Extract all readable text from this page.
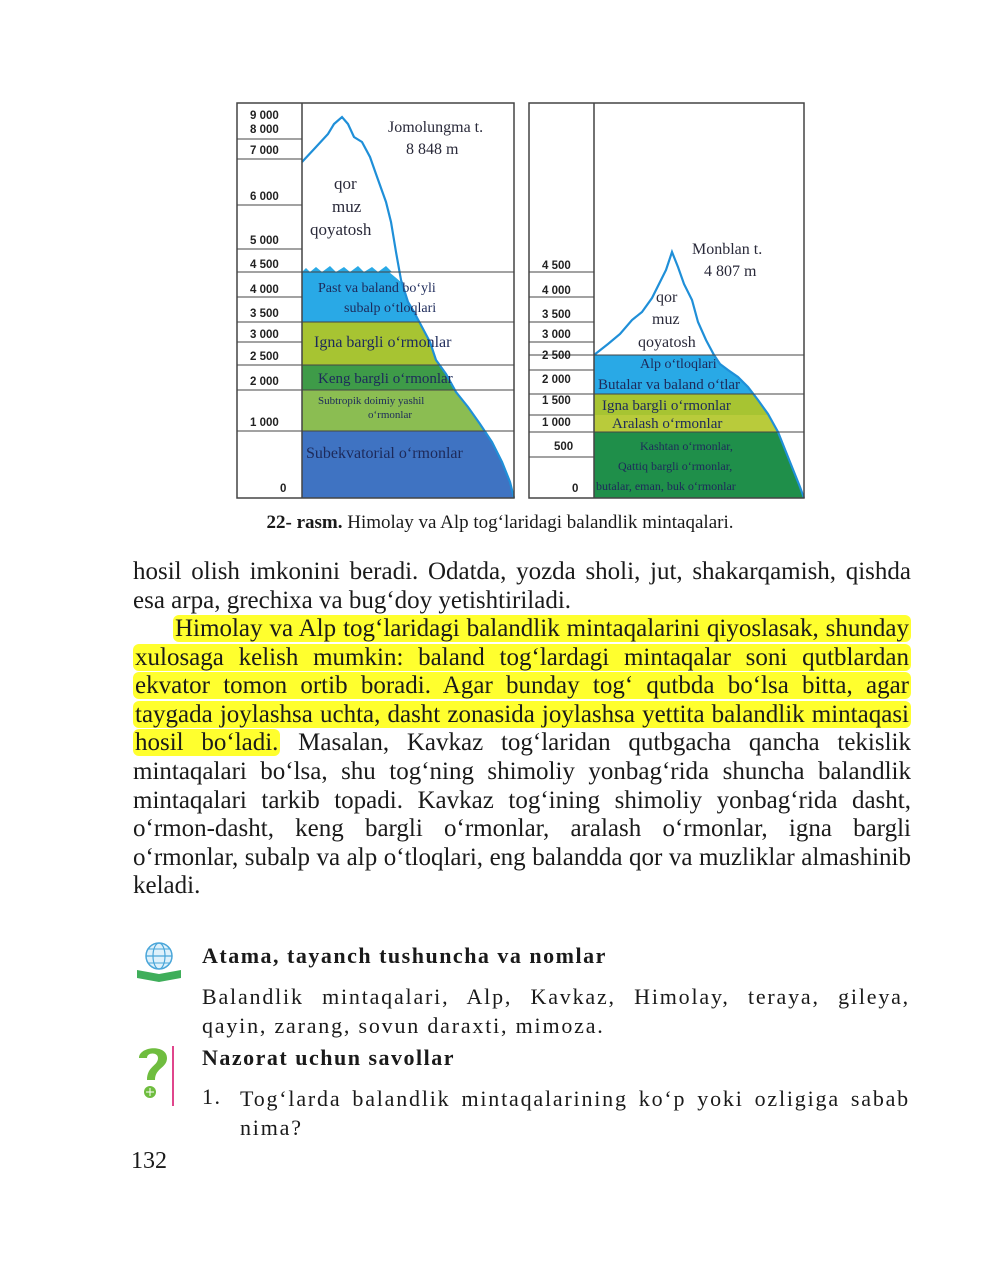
9 000
8 000
7 000
6 000
5 000
4 500
4 000
3 500
3 000
2 500
2 000
1 000
0
Jomolungma t.
8 848 m
qor
muz
qoyatosh
Past va baland bo‘yli
subalp o‘tloqlari
Igna bargli o‘rmonlar
Keng bargli o‘rmonlar
Subtropik doimiy yashil
o‘rmonlar
Subekvatorial o‘rmonlar
4 500
4 000
3 500
3 000
2 500
2 000
1 500
1 000
500
0
Monblan t.
4 807 m
qor
muz
qoyatosh
Alp o‘tloqlari
Butalar va baland o‘tlar
Igna bargli o‘rmonlar
Aralash o‘rmonlar
Kashtan o‘rmonlar,
Qattiq bargli o‘rmonlar,
butalar, eman, buk o‘rmonlar
22- rasm. Himolay va Alp tog‘laridagi balandlik mintaqalari.
hosil olish imkonini beradi. Odatda, yozda sholi, jut, shakarqamish, qishda esa arpa, grechixa va bug‘doy yetishtiriladi.
Himolay va Alp tog‘laridagi balandlik mintaqalarini qiyoslasak, shunday xulosaga kelish mumkin: baland tog‘lardagi mintaqalar soni qutblardan ekvator tomon ortib boradi. Agar bunday tog‘ qutbda bo‘lsa bitta, agar taygada joylashsa uchta, dasht zonasida joylashsa yettita balandlik mintaqasi hosil bo‘ladi. Masalan, Kavkaz tog‘laridan qutbgacha qancha tekislik mintaqalari bo‘lsa, shu tog‘ning shimoliy yonbag‘rida shuncha balandlik mintaqalari tarkib topadi. Kavkaz tog‘ining shimoliy yonbag‘rida dasht, o‘rmon-dasht, keng bargli o‘rmonlar, aralash o‘rmonlar, igna bargli o‘rmonlar, subalp va alp o‘tloqlari, eng balandda qor va muzliklar almashinib keladi.
Atama, tayanch tushuncha va nomlar
Balandlik mintaqalari, Alp, Kavkaz, Himolay, teraya, gileya, qayin, zarang, sovun daraxti, mimoza.
Nazorat uchun savollar
1. Tog‘larda balandlik mintaqalarining ko‘p yoki ozligiga sabab nima?
132
